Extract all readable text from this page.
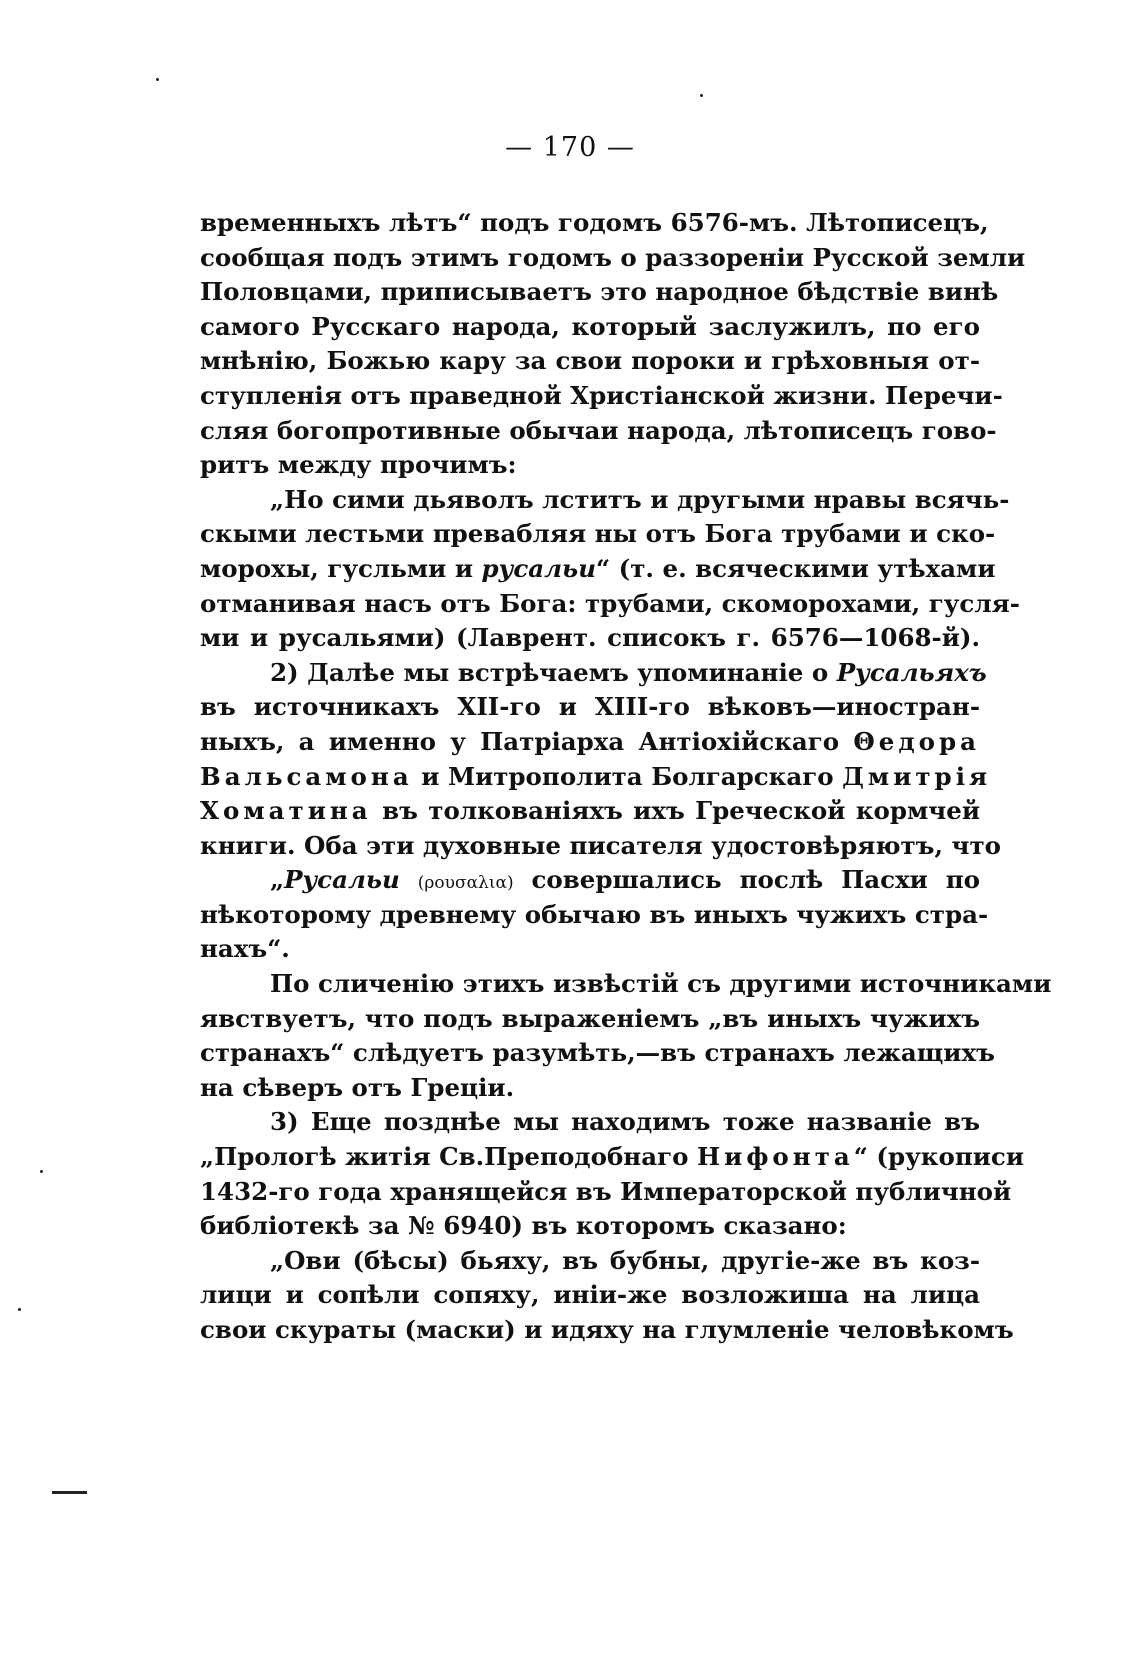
— 170 —
временныхъ лѣтъ“ подъ годомъ 6576-мъ. Лѣтописецъ,
сообщая подъ этимъ годомъ о раззореніи Русской земли
Половцами, приписываетъ это народное бѣдствіе винѣ
самого Русскаго народа, который заслужилъ, по его
мнѣнію, Божью кару за свои пороки и грѣховныя от-
ступленія отъ праведной Христіанской жизни. Перечи-
сляя богопротивные обычаи народа, лѣтописецъ гово-
ритъ между прочимъ:
„Но сими дьяволъ лститъ и другыми нравы всячь-
скыми лестьми превабляя ны отъ Бога трубами и ско-
морохы, гусльми и русальи“ (т. е. всяческими утѣхами
отманивая насъ отъ Бога: трубами, скоморохами, гусля-
ми и русальями) (Лаврент. списокъ г. 6576—1068-й).
2) Далѣе мы встрѣчаемъ упоминаніе о Русальяхъ
въ источникахъ XII-го и XIII-го вѣковъ—иностран-
ныхъ, а именно у Патріарха Антіохійскаго Θедора
Вальсамона и Митрополита Болгарскаго Дмитрія
Хоматина въ толкованіяхъ ихъ Греческой кормчей
книги. Оба эти духовные писателя удостовѣряютъ, что
„Русальи (ρουσαλια) совершались послѣ Пасхи по
нѣкоторому древнему обычаю въ иныхъ чужихъ стра-
нахъ“.
По сличенію этихъ извѣстій съ другими источниками
явствуетъ, что подъ выраженіемъ „въ иныхъ чужихъ
странахъ“ слѣдуетъ разумѣть,—въ странахъ лежащихъ
на сѣверъ отъ Греціи.
3) Еще позднѣе мы находимъ тоже названіе въ
„Прологѣ житія Св.Преподобнаго Нифонта“ (рукописи
1432-го года хранящейся въ Императорской публичной
библіотекѣ за № 6940) въ которомъ сказано:
„Ови (бѣсы) бьяху, въ бубны, другіе-же въ коз-
лици и сопѣли сопяху, иніи-же возложиша на лица
свои скураты (маски) и идяху на глумленіе человѣкомъ
